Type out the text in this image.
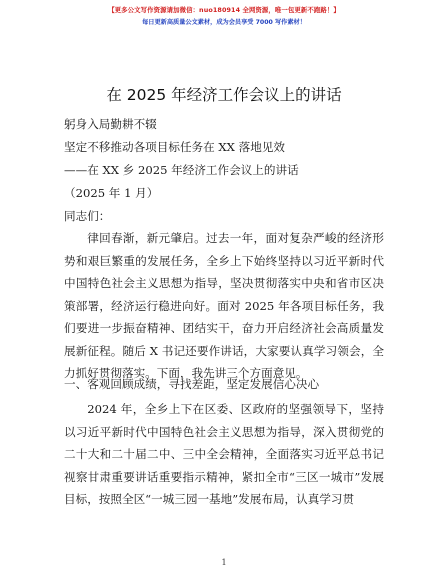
【更多公文写作资源请加微信：nuo180914 全网资源，唯一包更新不跑路！】
每日更新高质量公文素材，成为会员享受 7000 写作素材！
在 2025 年经济工作会议上的讲话
躬身入局勤耕不辍
坚定不移推动各项目标任务在 XX 落地见效
——在 XX 乡 2025 年经济工作会议上的讲话
（2025 年 1 月）
同志们：

律回春渐，新元肇启。过去一年，面对复杂严峻的经济形势和艰巨繁重的发展任务，全乡上下始终坚持以习近平新时代中国特色社会主义思想为指导，坚决贯彻落实中央和省市区决策部署，经济运行稳进向好。面对 2025 年各项目标任务，我们要进一步振奋精神、团结实干，奋力开启经济社会高质量发展新征程。随后 X 书记还要作讲话，大家要认真学习领会，全力抓好贯彻落实。下面，我先讲三个方面意见。

一、客观回顾成绩，寻找差距，坚定发展信心决心

2024 年，全乡上下在区委、区政府的坚强领导下，坚持以习近平新时代中国特色社会主义思想为指导，深入贯彻党的二十大和二十届二中、三中全会精神，全面落实习近平总书记视察甘肃重要讲话重要指示精神，紧扣全市“三区一城市”发展目标，按照全区“一城三园一基地”发展布局，认真学习贯

1
